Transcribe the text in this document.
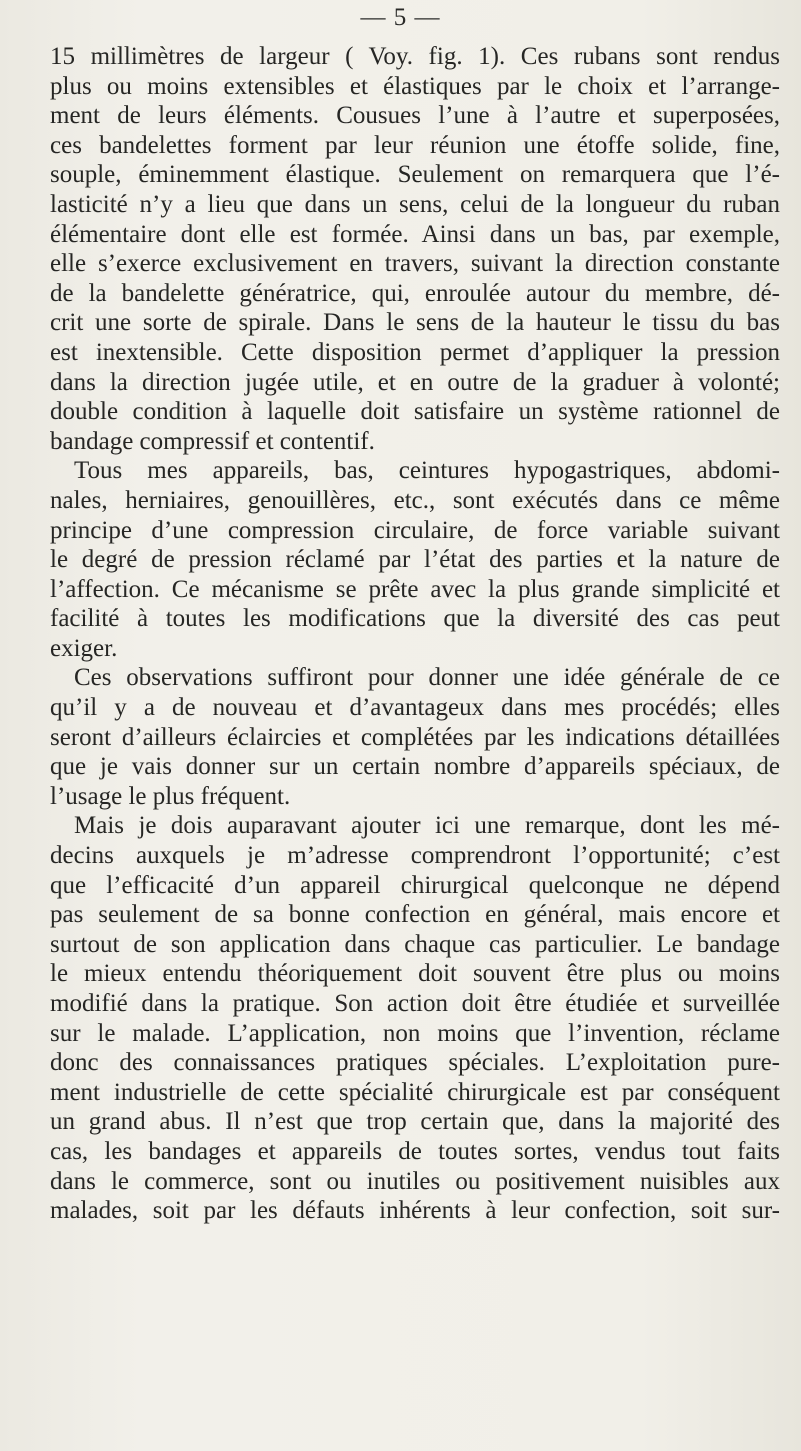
— 5 —
15 millimètres de largeur ( Voy. fig. 1). Ces rubans sont rendus
plus ou moins extensibles et élastiques par le choix et l’arrange-
ment de leurs éléments. Cousues l’une à l’autre et superposées,
ces bandelettes forment par leur réunion une étoffe solide, fine,
souple, éminemment élastique. Seulement on remarquera que l’é-
lasticité n’y a lieu que dans un sens, celui de la longueur du ruban
élémentaire dont elle est formée. Ainsi dans un bas, par exemple,
elle s’exerce exclusivement en travers, suivant la direction constante
de la bandelette génératrice, qui, enroulée autour du membre, dé-
crit une sorte de spirale. Dans le sens de la hauteur le tissu du bas
est inextensible. Cette disposition permet d’appliquer la pression
dans la direction jugée utile, et en outre de la graduer à volonté;
double condition à laquelle doit satisfaire un système rationnel de
bandage compressif et contentif.
Tous mes appareils, bas, ceintures hypogastriques, abdomi-
nales, herniaires, genouillères, etc., sont exécutés dans ce même
principe d’une compression circulaire, de force variable suivant
le degré de pression réclamé par l’état des parties et la nature de
l’affection. Ce mécanisme se prête avec la plus grande simplicité et
facilité à toutes les modifications que la diversité des cas peut
exiger.
Ces observations suffiront pour donner une idée générale de ce
qu’il y a de nouveau et d’avantageux dans mes procédés; elles
seront d’ailleurs éclaircies et complétées par les indications détaillées
que je vais donner sur un certain nombre d’appareils spéciaux, de
l’usage le plus fréquent.
Mais je dois auparavant ajouter ici une remarque, dont les mé-
decins auxquels je m’adresse comprendront l’opportunité; c’est
que l’efficacité d’un appareil chirurgical quelconque ne dépend
pas seulement de sa bonne confection en général, mais encore et
surtout de son application dans chaque cas particulier. Le bandage
le mieux entendu théoriquement doit souvent être plus ou moins
modifié dans la pratique. Son action doit être étudiée et surveillée
sur le malade. L’application, non moins que l’invention, réclame
donc des connaissances pratiques spéciales. L’exploitation pure-
ment industrielle de cette spécialité chirurgicale est par conséquent
un grand abus. Il n’est que trop certain que, dans la majorité des
cas, les bandages et appareils de toutes sortes, vendus tout faits
dans le commerce, sont ou inutiles ou positivement nuisibles aux
malades, soit par les défauts inhérents à leur confection, soit sur-
